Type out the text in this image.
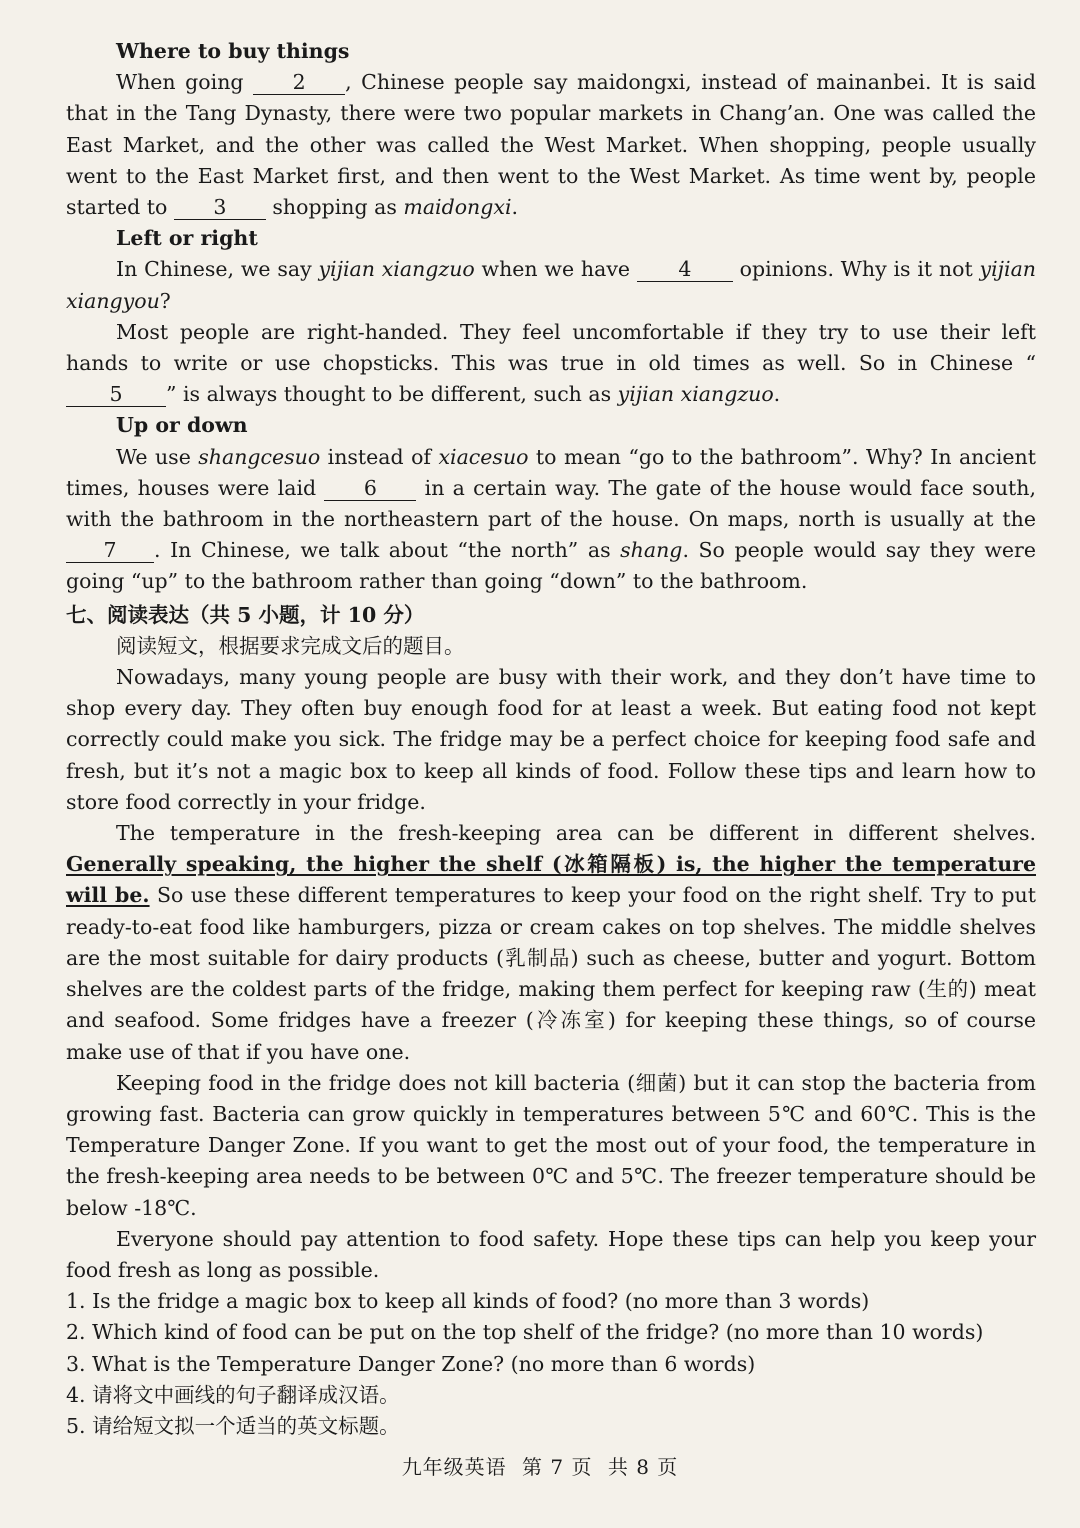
Where to buy things

When going 2 , Chinese people say maidongxi, instead of mainanbei. It is said that in the Tang Dynasty, there were two popular markets in Chang’an. One was called the East Market, and the other was called the West Market. When shopping, people usually went to the East Market first, and then went to the West Market. As time went by, people started to 3 shopping as maidongxi.

Left or right

In Chinese, we say yijian xiangzuo when we have 4 opinions. Why is it not yijian xiangyou?

Most people are right-handed. They feel uncomfortable if they try to use their left hands to write or use chopsticks. This was true in old times as well. So in Chinese “5 ” is always thought to be different, such as yijian xiangzuo.

Up or down

We use shangcesuo instead of xiacesuo to mean “go to the bathroom”. Why? In ancient times, houses were laid 6 in a certain way. The gate of the house would face south, with the bathroom in the northeastern part of the house. On maps, north is usually at the 7 . In Chinese, we talk about “the north” as shang. So people would say they were going “up” to the bathroom rather than going “down” to the bathroom.

七、阅读表达（共 5 小题，计 10 分）

阅读短文，根据要求完成文后的题目。

Nowadays, many young people are busy with their work, and they don’t have time to shop every day. They often buy enough food for at least a week. But eating food not kept correctly could make you sick. The fridge may be a perfect choice for keeping food safe and fresh, but it’s not a magic box to keep all kinds of food. Follow these tips and learn how to store food correctly in your fridge.

The temperature in the fresh-keeping area can be different in different shelves. Generally speaking, the higher the shelf (冰箱隔板) is, the higher the temperature will be. So use these different temperatures to keep your food on the right shelf. Try to put ready-to-eat food like hamburgers, pizza or cream cakes on top shelves. The middle shelves are the most suitable for dairy products (乳制品) such as cheese, butter and yogurt. Bottom shelves are the coldest parts of the fridge, making them perfect for keeping raw (生的) meat and seafood. Some fridges have a freezer (冷冻室) for keeping these things, so of course make use of that if you have one.

Keeping food in the fridge does not kill bacteria (细菌) but it can stop the bacteria from growing fast. Bacteria can grow quickly in temperatures between 5℃ and 60℃. This is the Temperature Danger Zone. If you want to get the most out of your food, the temperature in the fresh-keeping area needs to be between 0℃ and 5℃. The freezer temperature should be below -18℃.

Everyone should pay attention to food safety. Hope these tips can help you keep your food fresh as long as possible.

1. Is the fridge a magic box to keep all kinds of food? (no more than 3 words)

2. Which kind of food can be put on the top shelf of the fridge? (no more than 10 words)

3. What is the Temperature Danger Zone? (no more than 6 words)

4. 请将文中画线的句子翻译成汉语。

5. 请给短文拟一个适当的英文标题。

九年级英语 第 7 页 共 8 页
